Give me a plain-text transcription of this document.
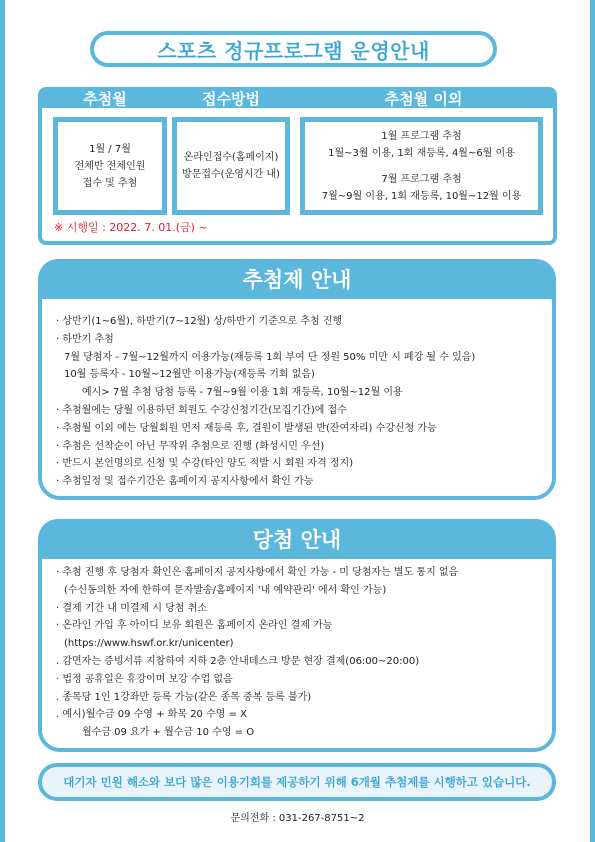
스포츠 정규프로그램 운영안내
추첨월	접수방법	추첨월 이외
1월 / 7월
전체반 전체인원
접수 및 추첨
온라인접수(홈페이지)
방문접수(운영시간 내)
1월 프로그램 추첨
1월~3월 이용, 1회 재등록, 4월~6월 이용
7월 프로그램 추첨
7월~9월 이용, 1회 재등록, 10월~12월 이용
※ 시행일 : 2022. 7. 01.(금) ~
· 상반기(1~6월), 하반기(7~12월) 상/하반기 기준으로 추첨 진행
· 하반기 추첨
7월 당첨자 - 7월~12월까지 이용가능(재등록 1회 부여 단 정원 50% 미만 시 폐강 될 수 있음)
10월 등록자 - 10월~12월만 이용가능(재등록 기회 없음)
예시> 7월 추첨 당첨 등록 - 7월~9월 이용 1회 재등록, 10월~12월 이용
· 추첨월에는 당월 이용하던 회원도 수강신청기간(모집기간)에 접수
· 추첨월 이외 에는 당월회원 먼저 재등록 후, 결원이 발생된 반(잔여자리) 수강신청 가능
· 추첨은 선착순이 아닌 무작위 추첨으로 진행 (화성시민 우선)
· 반드시 본인명의로 신청 및 수강(타인 양도 적발 시 회원 자격 정지)
· 추첨일정 및 접수기간은 홈페이지 공지사항에서 확인 가능
추첨제 안내
· 추첨 진행 후 당첨자 확인은 홈페이지 공지사항에서 확인 가능 - 미 당첨자는 별도 통지 없음
(수신동의한 자에 한하여 문자발송/홈페이지 '내 예약관리' 에서 확인 가능)
· 결제 기간 내 미결제 시 당첨 취소
· 온라인 가입 후 아이디 보유 회원은 홈페이지 온라인 결제 가능
(https://www.hswf.or.kr/unicenter)
. 감면자는 증빙서류 지참하여 지하 2층 안내데스크 방문 현장 결제(06:00~20:00)
· 법정 공휴일은 휴강이며 보강 수업 없음
. 종목당 1인 1강좌만 등록 가능(같은 종목 중복 등록 불가)
. 예시)월수금 09 수영 + 화목 20 수영 = X
월수금 09 요가 + 월수금 10 수영 = O
당첨 안내
대기자 민원 해소와 보다 많은 이용기회를 제공하기 위해 6개월 추첨제를 시행하고 있습니다.
문의전화 : 031-267-8751~2
